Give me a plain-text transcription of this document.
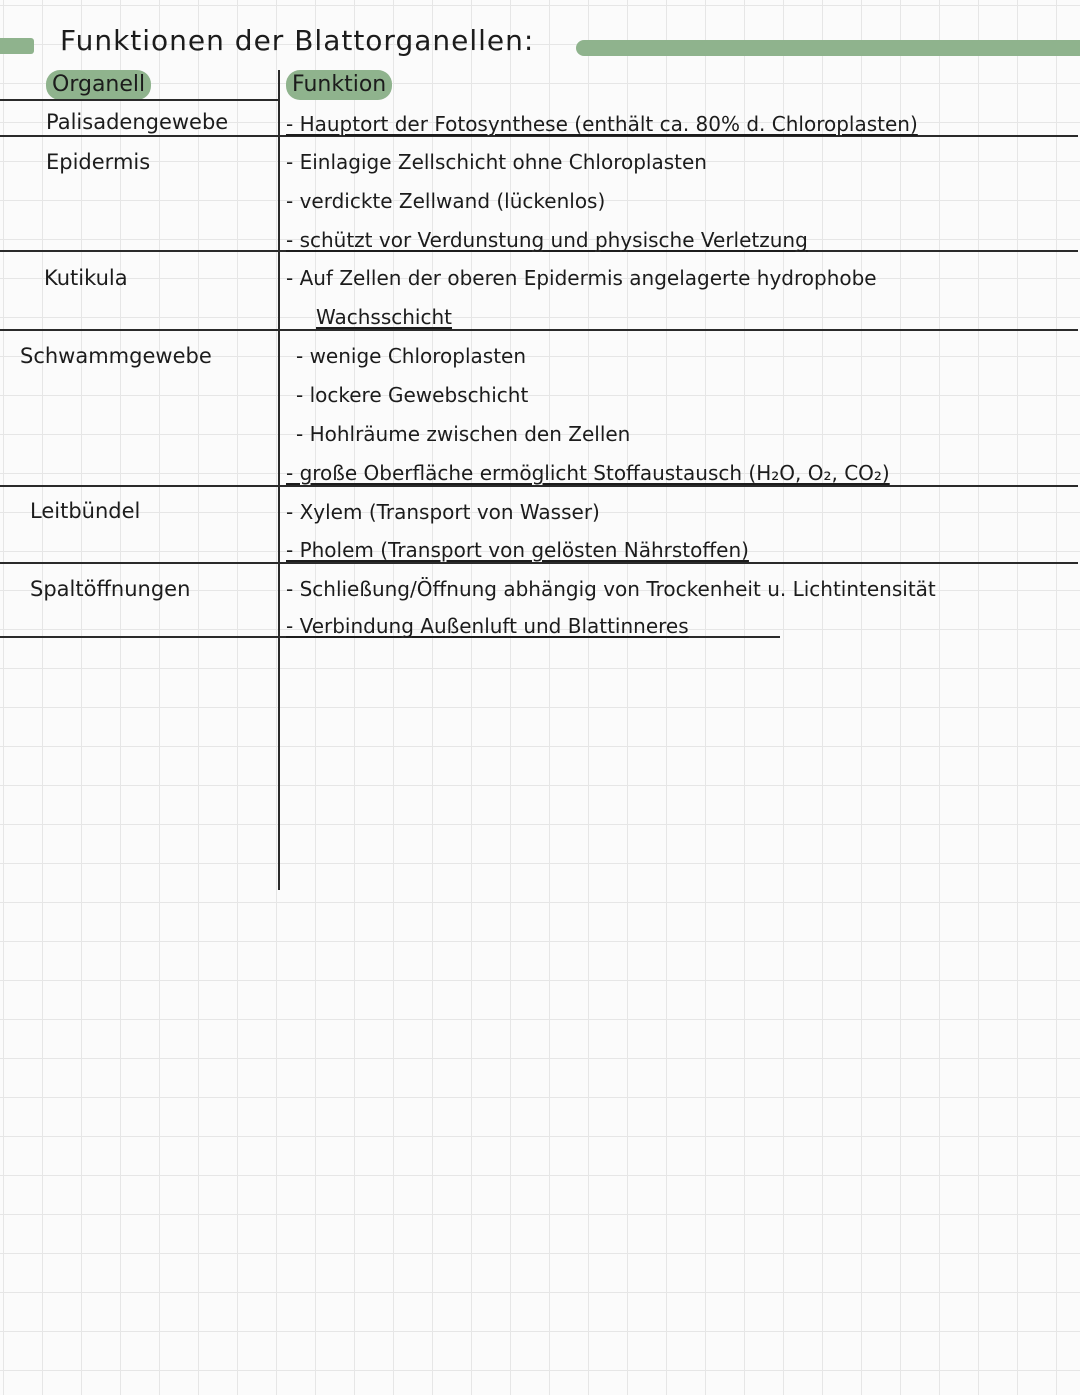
Funktionen der Blattorganellen:
Organell	Funktion
Palisadengewebe	- Hauptort der Fotosynthese (enthält ca. 80% d. Chloroplasten)
Epidermis	- Einlagige Zellschicht ohne Chloroplasten
- verdickte Zellwand (lückenlos)
- schützt vor Verdunstung und physische Verletzung
Kutikula	- Auf Zellen der oberen Epidermis angelagerte hydrophobe
Wachsschicht
Schwammgewebe	- wenige Chloroplasten
- lockere Gewebschicht
- Hohlräume zwischen den Zellen
- große Oberfläche ermöglicht Stoffaustausch (H₂O, O₂, CO₂)
Leitbündel	- Xylem (Transport von Wasser)
- Pholem (Transport von gelösten Nährstoffen)
Spaltöffnungen	- Schließung/Öffnung abhängig von Trockenheit u. Lichtintensität
- Verbindung Außenluft und Blattinneres
